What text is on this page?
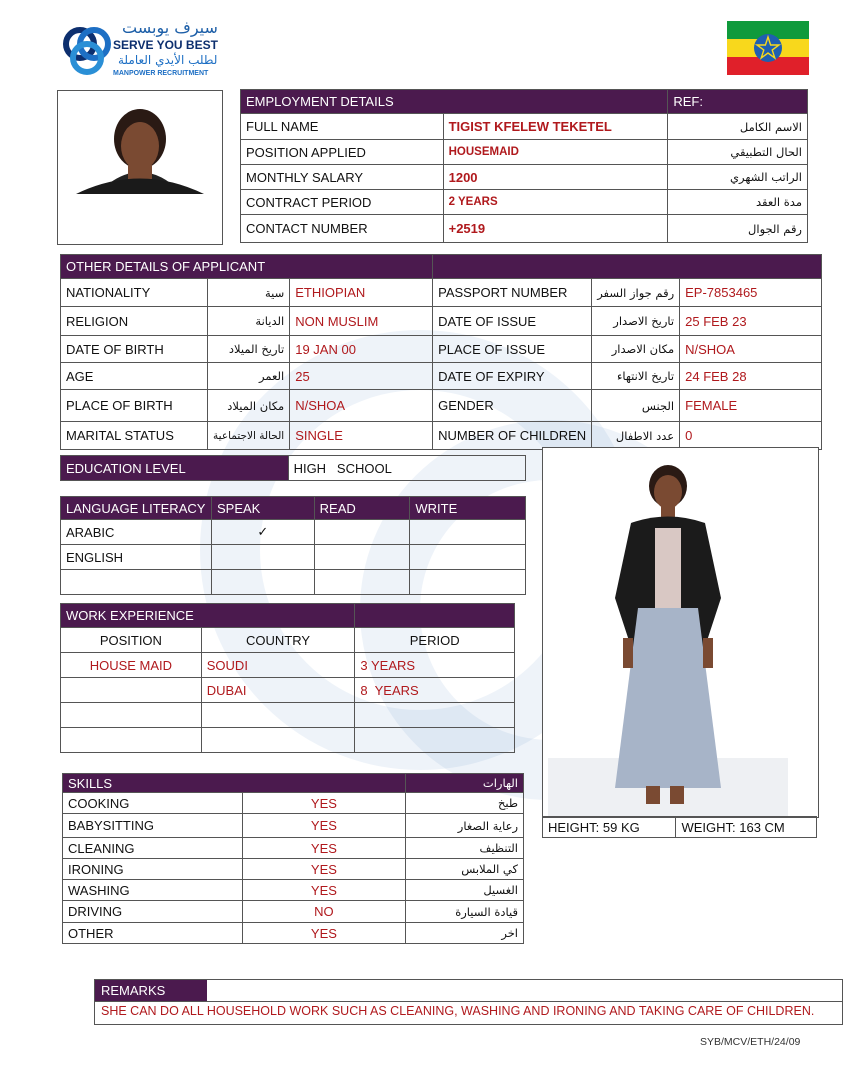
سيرف يوبست
SERVE YOU BEST
لطلب الأيدي العاملة
MANPOWER RECRUITMENT
EMPLOYMENT DETAILS		REF:
FULL NAME	TIGIST KFELEW TEKETEL	الاسم الكامل
POSITION APPLIED	HOUSEMAID	الحال التطبيقي
MONTHLY SALARY	1200	الراتب الشهري
CONTRACT PERIOD	2 YEARS	مدة العقد
CONTACT NUMBER	+2519	رقم الجوال
OTHER DETAILS OF APPLICANT					
NATIONALITY	سية	ETHIOPIAN	PASSPORT NUMBER	رقم جواز السفر	EP-7853465
RELIGION	الديانة	NON MUSLIM	DATE OF ISSUE	تاريخ الاصدار	25 FEB 23
DATE OF BIRTH	تاريخ الميلاد	19 JAN 00	PLACE OF ISSUE	مكان الاصدار	N/SHOA
AGE	العمر	25	DATE OF EXPIRY	تاريخ الانتهاء	24 FEB 28
PLACE OF BIRTH	مكان الميلاد	N/SHOA	GENDER	الجنس	FEMALE
MARITAL STATUS	الحالة الاجتماعية	SINGLE	NUMBER OF CHILDREN	عدد الاطفال	0
EDUCATION LEVEL	HIGH   SCHOOL
LANGUAGE LITERACY	SPEAK	READ	WRITE
ARABIC	✓		
ENGLISH			

WORK EXPERIENCE		
POSITION	COUNTRY	PERIOD
HOUSE MAID	SOUDI	3 YEARS
	DUBAI	8  YEARS

SKILLS		الهارات
COOKING	YES	طبخ
BABYSITTING	YES	رعاية الصغار
CLEANING	YES	التنظيف
IRONING	YES	كي الملابس
WASHING	YES	الغسيل
DRIVING	NO	قيادة السيارة
OTHER	YES	اخر
HEIGHT: 59 KG	WEIGHT: 163 CM
REMARKS
SHE CAN DO ALL HOUSEHOLD WORK SUCH AS CLEANING, WASHING AND IRONING AND TAKING CARE OF CHILDREN.
SYB/MCV/ETH/24/09
